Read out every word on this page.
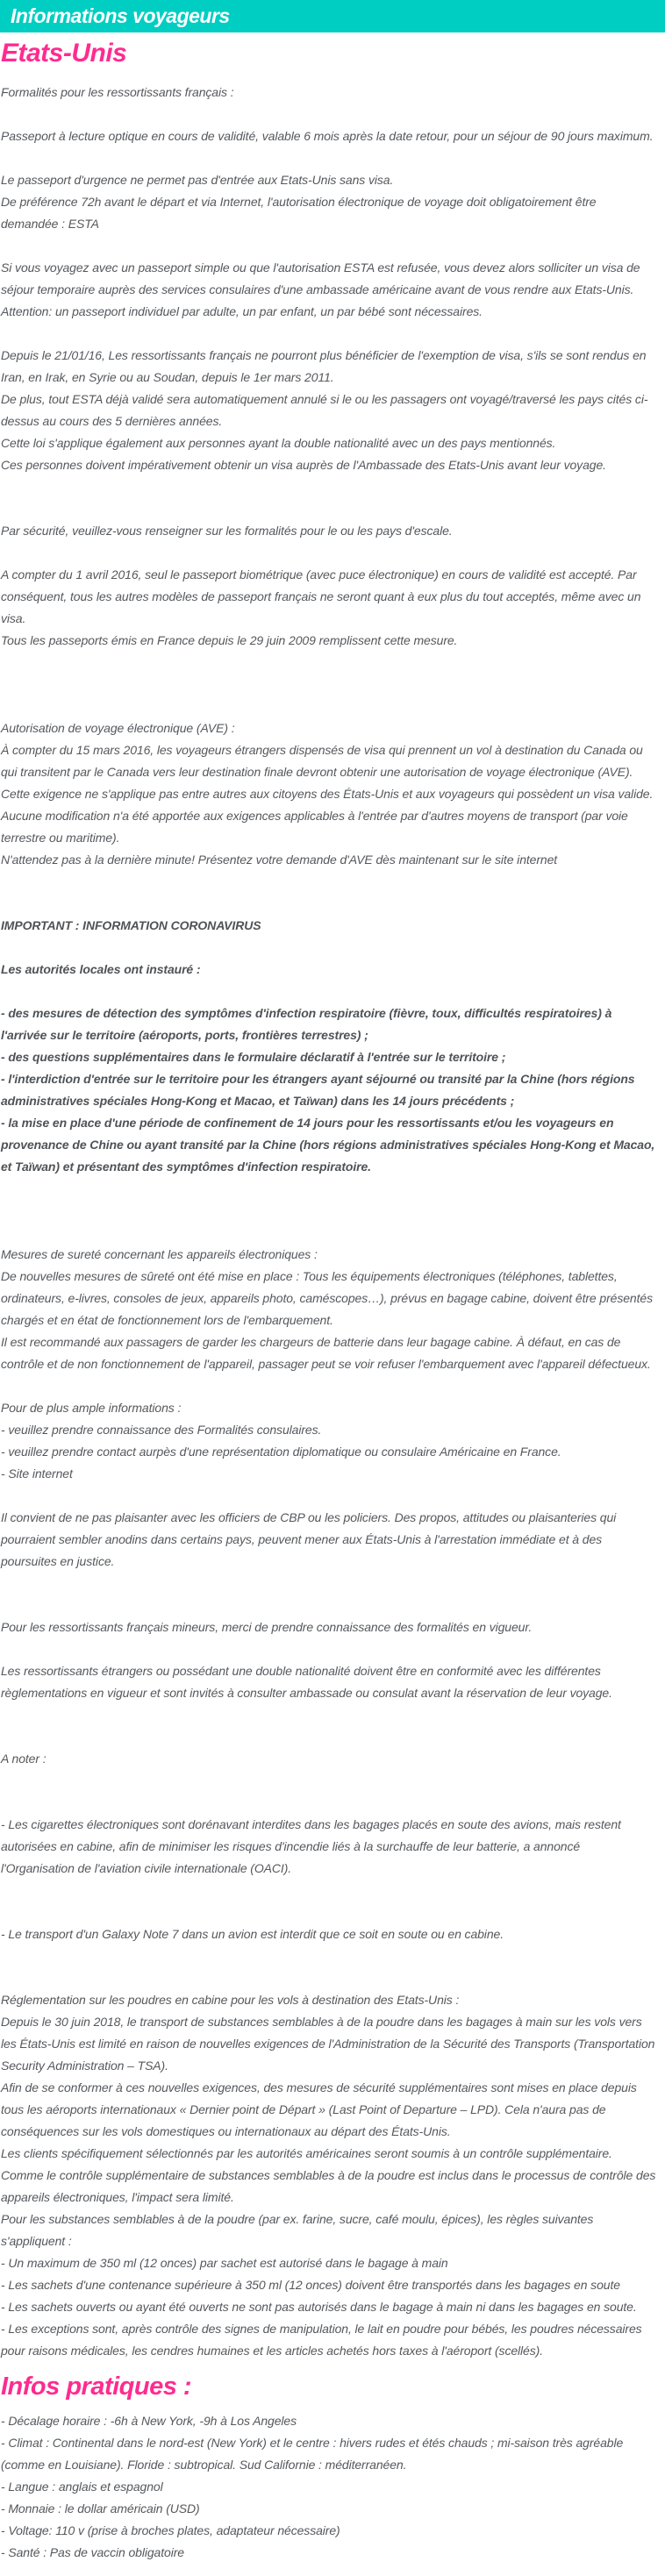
Informations voyageurs
Etats-Unis

Formalités pour les ressortissants français :

Passeport à lecture optique en cours de validité, valable 6 mois après la date retour, pour un séjour de 90 jours maximum.

Le passeport d'urgence ne permet pas d'entrée aux Etats-Unis sans visa.

De préférence 72h avant le départ et via Internet, l'autorisation électronique de voyage doit obligatoirement être demandée : ESTA

Si vous voyagez avec un passeport simple ou que l'autorisation ESTA est refusée, vous devez alors solliciter un visa de séjour temporaire auprès des services consulaires d'une ambassade américaine avant de vous rendre aux Etats-Unis.

Attention: un passeport individuel par adulte, un par enfant, un par bébé sont nécessaires.

Depuis le 21/01/16, Les ressortissants français ne pourront plus bénéficier de l'exemption de visa, s'ils se sont rendus en Iran, en Irak, en Syrie ou au Soudan, depuis le 1er mars 2011.

De plus, tout ESTA déjà validé sera automatiquement annulé si le ou les passagers ont voyagé/traversé les pays cités ci-dessus au cours des 5 dernières années.

Cette loi s'applique également aux personnes ayant la double nationalité avec un des pays mentionnés.

Ces personnes doivent impérativement obtenir un visa auprès de l'Ambassade des Etats-Unis avant leur voyage.

Par sécurité, veuillez-vous renseigner sur les formalités pour le ou les pays d'escale.

A compter du 1 avril 2016, seul le passeport biométrique (avec puce électronique) en cours de validité est accepté. Par conséquent, tous les autres modèles de passeport français ne seront quant à eux plus du tout acceptés, même avec un visa.

Tous les passeports émis en France depuis le 29 juin 2009 remplissent cette mesure.

Autorisation de voyage électronique (AVE) :

À compter du 15 mars 2016, les voyageurs étrangers dispensés de visa qui prennent un vol à destination du Canada ou qui transitent par le Canada vers leur destination finale devront obtenir une autorisation de voyage électronique (AVE). Cette exigence ne s'applique pas entre autres aux citoyens des États-Unis et aux voyageurs qui possèdent un visa valide. Aucune modification n'a été apportée aux exigences applicables à l'entrée par d'autres moyens de transport (par voie terrestre ou maritime).

N'attendez pas à la dernière minute! Présentez votre demande d'AVE dès maintenant sur le site internet

IMPORTANT : INFORMATION CORONAVIRUS

Les autorités locales ont instauré :

- des mesures de détection des symptômes d'infection respiratoire (fièvre, toux, difficultés respiratoires) à l'arrivée sur le territoire (aéroports, ports, frontières terrestres) ;

- des questions supplémentaires dans le formulaire déclaratif à l'entrée sur le territoire ;

- l'interdiction d'entrée sur le territoire pour les étrangers ayant séjourné ou transité par la Chine (hors régions administratives spéciales Hong-Kong et Macao, et Taïwan) dans les 14 jours précédents ;

- la mise en place d'une période de confinement de 14 jours pour les ressortissants et/ou les voyageurs en provenance de Chine ou ayant transité par la Chine (hors régions administratives spéciales Hong-Kong et Macao, et Taïwan) et présentant des symptômes d'infection respiratoire.

Mesures de sureté concernant les appareils électroniques :

De nouvelles mesures de sûreté ont été mise en place : Tous les équipements électroniques (téléphones, tablettes, ordinateurs, e-livres, consoles de jeux, appareils photo, caméscopes…), prévus en bagage cabine, doivent être présentés chargés et en état de fonctionnement lors de l'embarquement.

Il est recommandé aux passagers de garder les chargeurs de batterie dans leur bagage cabine. À défaut, en cas de contrôle et de non fonctionnement de l'appareil, passager peut se voir refuser l'embarquement avec l'appareil défectueux.

Pour de plus ample informations :

- veuillez prendre connaissance des Formalités consulaires.

- veuillez prendre contact aurpès d'une représentation diplomatique ou consulaire Américaine en France.

- Site internet

Il convient de ne pas plaisanter avec les officiers de CBP ou les policiers. Des propos, attitudes ou plaisanteries qui pourraient sembler anodins dans certains pays, peuvent mener aux États-Unis à l'arrestation immédiate et à des poursuites en justice.

Pour les ressortissants français mineurs, merci de prendre connaissance des formalités en vigueur.

Les ressortissants étrangers ou possédant une double nationalité doivent être en conformité avec les différentes règlementations en vigueur et sont invités à consulter ambassade ou consulat avant la réservation de leur voyage.

A noter :

- Les cigarettes électroniques sont dorénavant interdites dans les bagages placés en soute des avions, mais restent autorisées en cabine, afin de minimiser les risques d'incendie liés à la surchauffe de leur batterie, a annoncé l'Organisation de l'aviation civile internationale (OACI).

- Le transport d'un Galaxy Note 7 dans un avion est interdit que ce soit en soute ou en cabine.

Réglementation sur les poudres en cabine pour les vols à destination des Etats-Unis :

Depuis le 30 juin 2018, le transport de substances semblables à de la poudre dans les bagages à main sur les vols vers les États-Unis est limité en raison de nouvelles exigences de l'Administration de la Sécurité des Transports (Transportation Security Administration – TSA).

Afin de se conformer à ces nouvelles exigences, des mesures de sécurité supplémentaires sont mises en place depuis tous les aéroports internationaux « Dernier point de Départ » (Last Point of Departure – LPD). Cela n'aura pas de conséquences sur les vols domestiques ou internationaux au départ des États-Unis.

Les clients spécifiquement sélectionnés par les autorités américaines seront soumis à un contrôle supplémentaire.

Comme le contrôle supplémentaire de substances semblables à de la poudre est inclus dans le processus de contrôle des appareils électroniques, l'impact sera limité.

Pour les substances semblables à de la poudre (par ex. farine, sucre, café moulu, épices), les règles suivantes s'appliquent :

- Un maximum de 350 ml (12 onces) par sachet est autorisé dans le bagage à main

- Les sachets d'une contenance supérieure à 350 ml (12 onces) doivent être transportés dans les bagages en soute

- Les sachets ouverts ou ayant été ouverts ne sont pas autorisés dans le bagage à main ni dans les bagages en soute.

- Les exceptions sont, après contrôle des signes de manipulation, le lait en poudre pour bébés, les poudres nécessaires pour raisons médicales, les cendres humaines et les articles achetés hors taxes à l'aéroport (scellés).

Infos pratiques :

- Décalage horaire : -6h à New York, -9h à Los Angeles

- Climat : Continental dans le nord-est (New York) et le centre : hivers rudes et étés chauds ; mi-saison très agréable (comme en Louisiane). Floride : subtropical. Sud Californie : méditerranéen.

- Langue : anglais et espagnol

- Monnaie : le dollar américain (USD)

- Voltage: 110 v (prise à broches plates, adaptateur nécessaire)

- Santé : Pas de vaccin obligatoire
